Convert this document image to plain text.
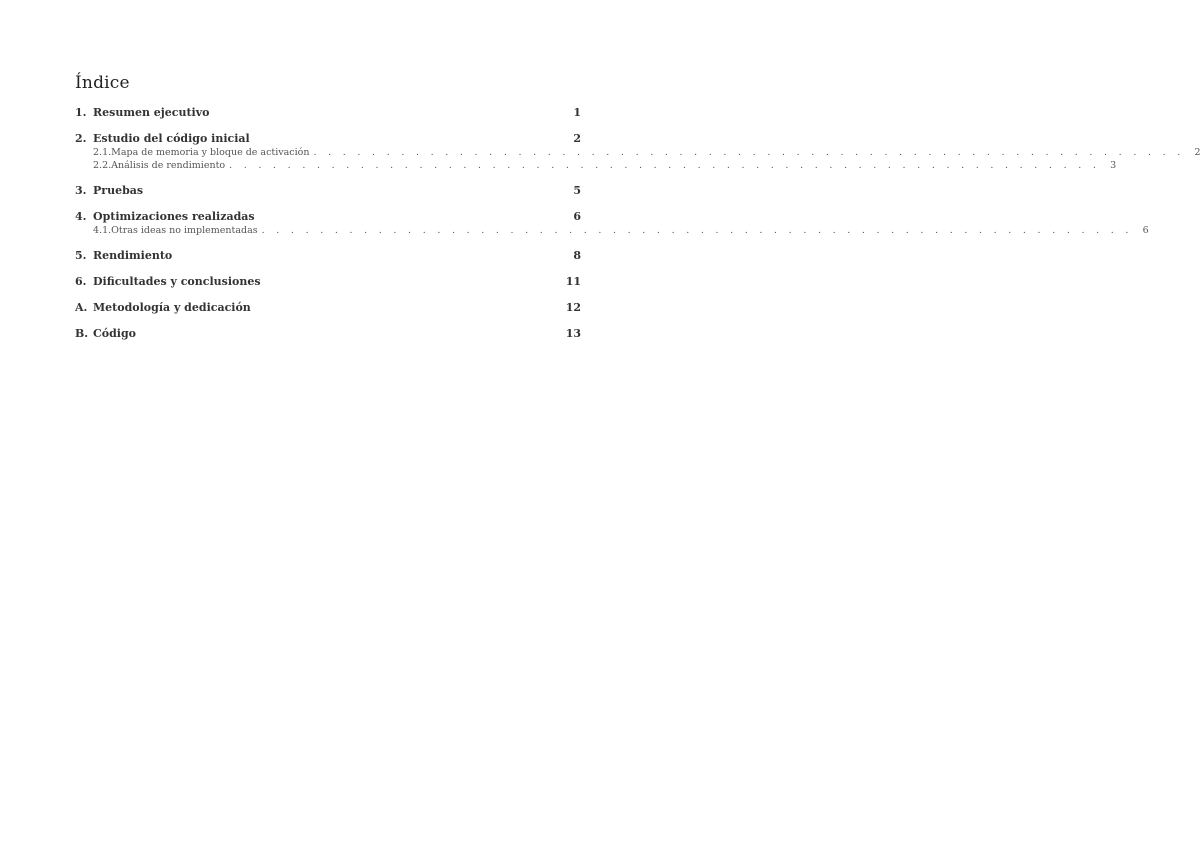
Índice
1. Resumen ejecutivo	1
2. Estudio del código inicial	2
2.1. Mapa de memoria y bloque de activación . . . . . . . . . . . . . . . . . . . . . . . . . . . . . . . . . . . . . . . . . . . . . . . . . . . . . . . . . . . .	2
2.2. Análisis de rendimiento . . . . . . . . . . . . . . . . . . . . . . . . . . . . . . . . . . . . . . . . . . . . . . . . . . . . . . . . . . . .	3
3. Pruebas	5
4. Optimizaciones realizadas	6
4.1. Otras ideas no implementadas . . . . . . . . . . . . . . . . . . . . . . . . . . . . . . . . . . . . . . . . . . . . . . . . . . . . . . . . . . . .	6
5. Rendimiento	8
6. Dificultades y conclusiones	11
A. Metodología y dedicación	12
B. Código	13
